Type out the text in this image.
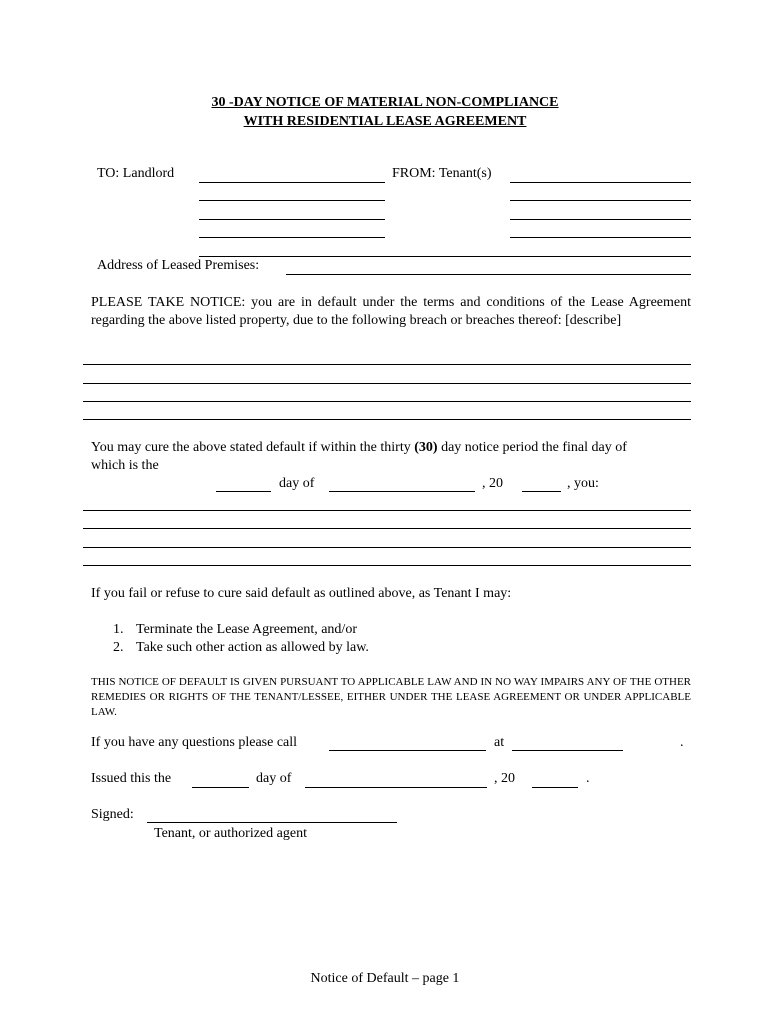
30 -DAY NOTICE OF MATERIAL NON-COMPLIANCE
WITH RESIDENTIAL LEASE AGREEMENT
TO: Landlord	FROM: Tenant(s)
Address of Leased Premises:
PLEASE TAKE NOTICE: you are in default under the terms and conditions of the Lease Agreement regarding the above listed property, due to the following breach or breaches thereof: [describe]
You may cure the above stated default if within the thirty (30) day notice period the final day of
which is the
day of	, 20	, you:
If you fail or refuse to cure said default as outlined above, as Tenant I may:
1. Terminate the Lease Agreement, and/or
2. Take such other action as allowed by law.
THIS NOTICE OF DEFAULT IS GIVEN PURSUANT TO APPLICABLE LAW AND IN NO WAY IMPAIRS ANY OF THE OTHER REMEDIES OR RIGHTS OF THE TENANT/LESSEE, EITHER UNDER THE LEASE AGREEMENT OR UNDER APPLICABLE LAW.
If you have any questions please call	at	.
Issued this the	day of	, 20	.
Signed:
Tenant, or authorized agent
Notice of Default – page 1
